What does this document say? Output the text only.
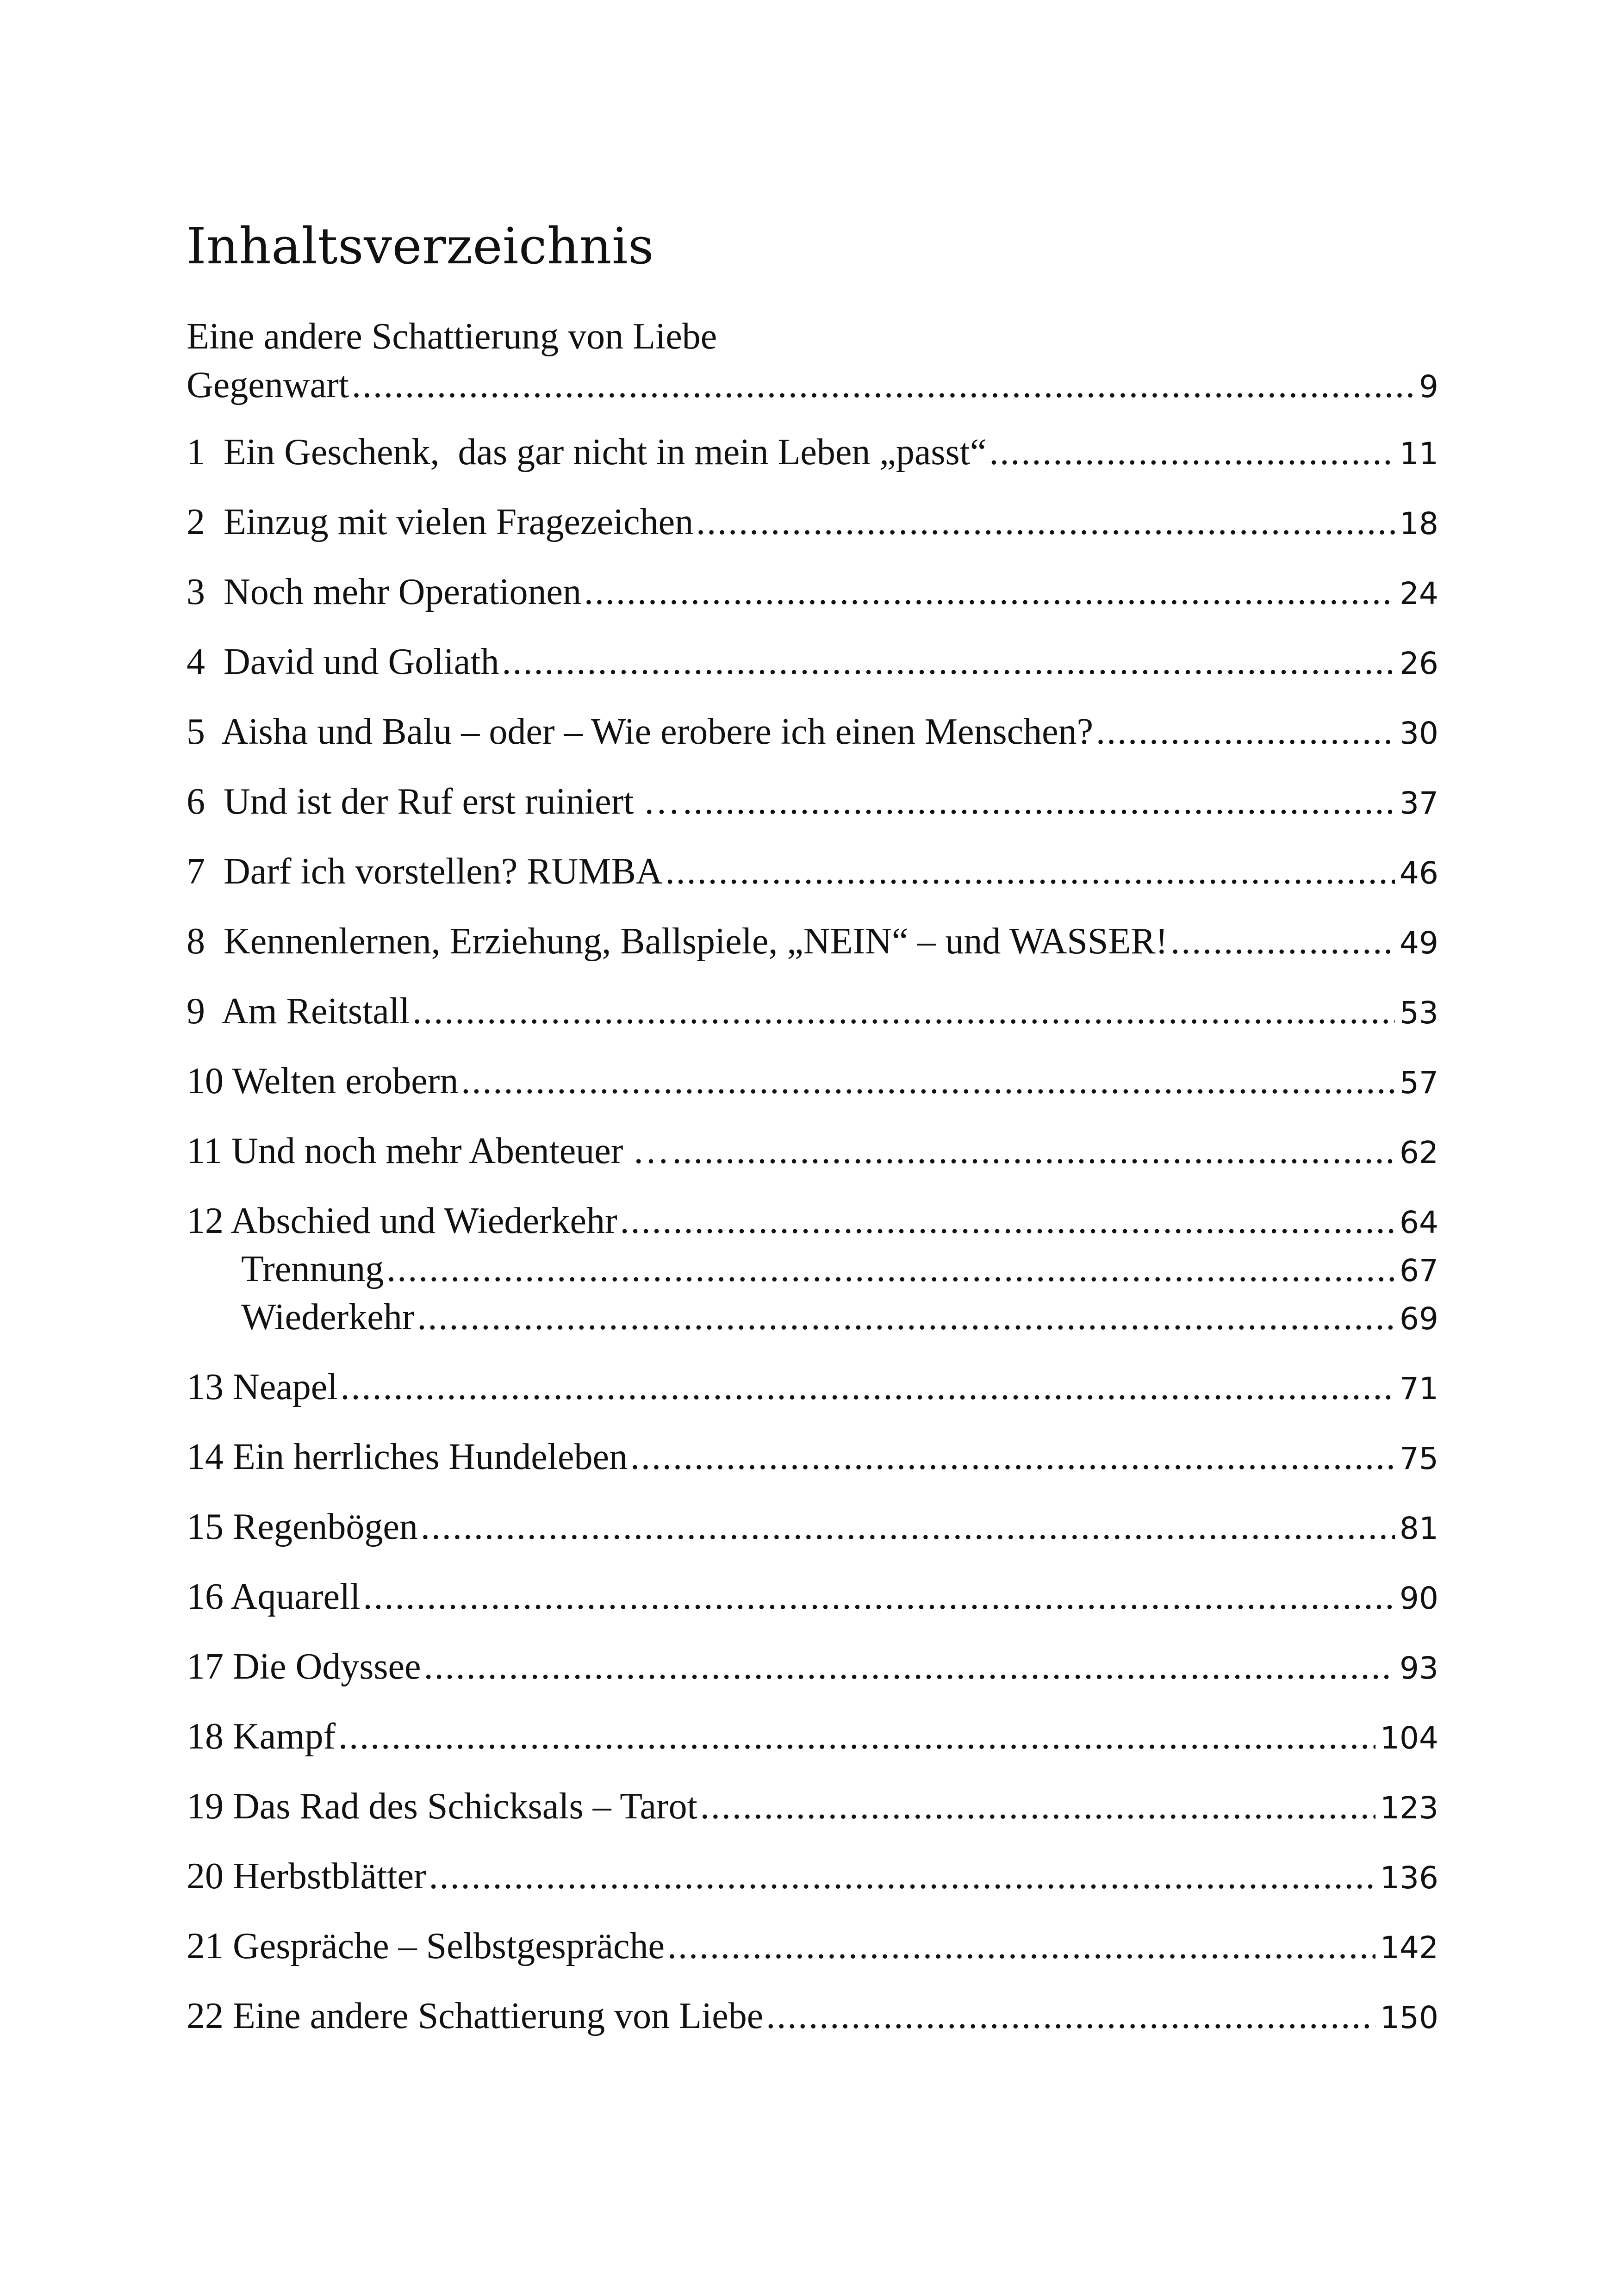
Inhaltsverzeichnis
Eine andere Schattierung von Liebe
Gegenwart .....	9
1  Ein Geschenk,  das gar nicht in mein Leben „passt“ .....	11
2  Einzug mit vielen Fragezeichen .....	18
3  Noch mehr Operationen .....	24
4  David und Goliath .....	26
5  Aisha und Balu – oder – Wie erobere ich einen Menschen? .....	30
6  Und ist der Ruf erst ruiniert … .....	37
7  Darf ich vorstellen? RUMBA .....	46
8  Kennenlernen, Erziehung, Ballspiele, „NEIN“ – und WASSER! .....	49
9  Am Reitstall .....	53
10 Welten erobern .....	57
11 Und noch mehr Abenteuer … .....	62
12 Abschied und Wiederkehr .....	64
Trennung .....	67
Wiederkehr .....	69
13 Neapel .....	71
14 Ein herrliches Hundeleben .....	75
15 Regenbögen .....	81
16 Aquarell .....	90
17 Die Odyssee .....	93
18 Kampf .....	104
19 Das Rad des Schicksals – Tarot .....	123
20 Herbstblätter .....	136
21 Gespräche – Selbstgespräche .....	142
22 Eine andere Schattierung von Liebe .....	150
